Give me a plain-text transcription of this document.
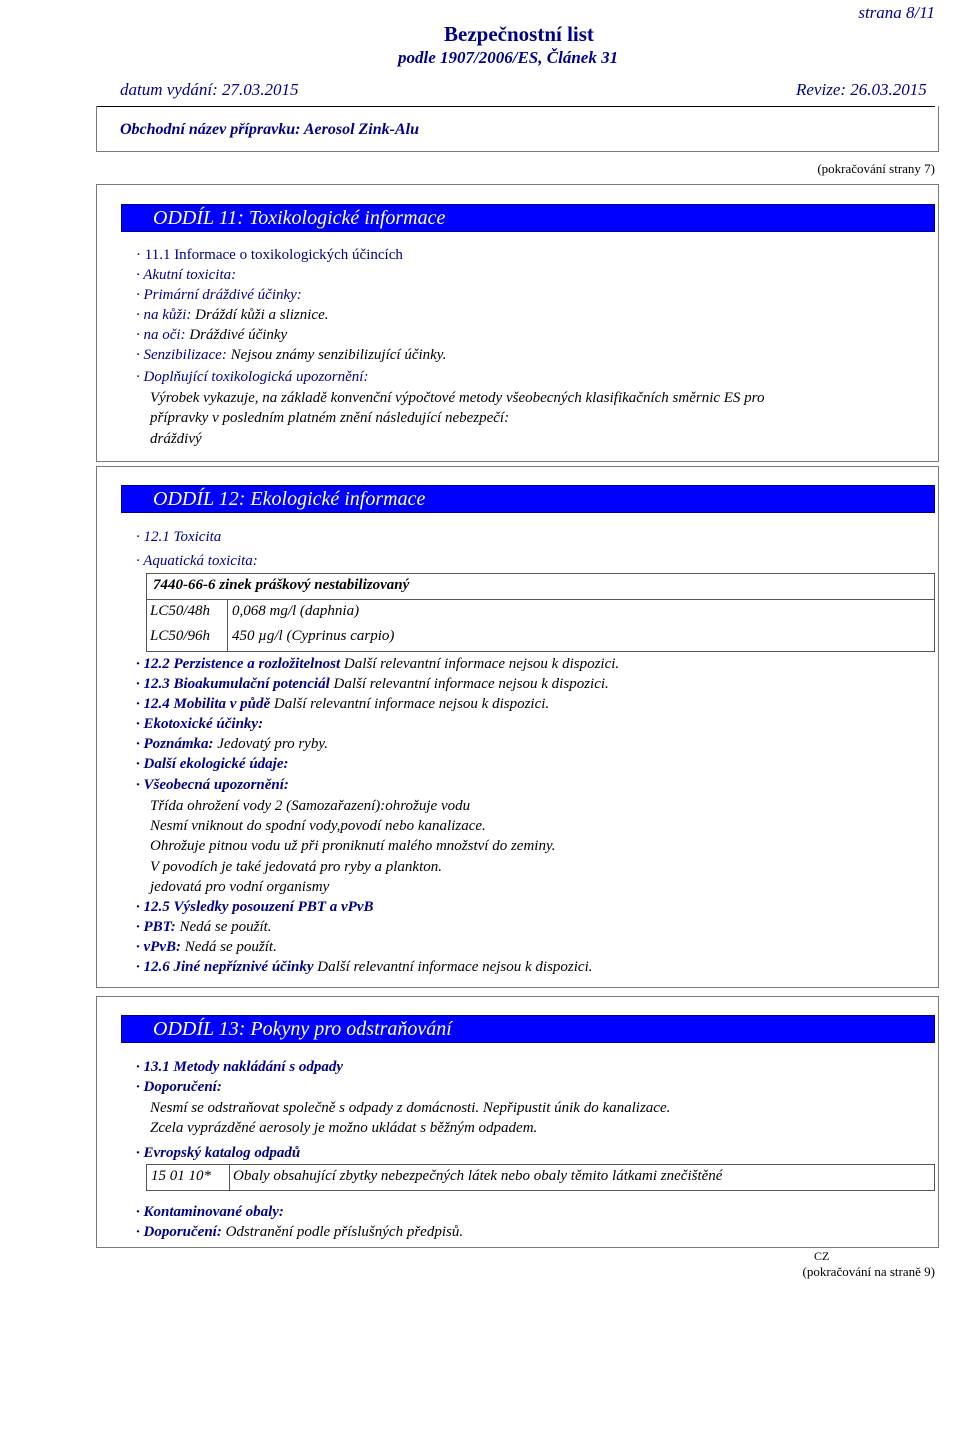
strana 8/11
Bezpečnostní list
podle 1907/2006/ES, Článek 31
datum vydání: 27.03.2015	Revize: 26.03.2015
Obchodní název přípravku: Aerosol Zink-Alu
(pokračování strany 7)
ODDÍL 11: Toxikologické informace
· 11.1 Informace o toxikologických účincích
· Akutní toxicita:
· Primární dráždivé účinky:
· na kůži: Dráždí kůži a sliznice.
· na oči: Dráždivé účinky
· Senzibilizace: Nejsou známy senzibilizující účinky.
· Doplňující toxikologická upozornění:
Výrobek vykazuje, na základě konvenční výpočtové metody všeobecných klasifikačních směrnic ES pro
přípravky v posledním platném znění následující nebezpečí:
dráždivý
ODDÍL 12: Ekologické informace
· 12.1 Toxicita
· Aquatická toxicita:
7440-66-6 zinek práškový nestabilizovaný
LC50/48h 0,068 mg/l (daphnia)
LC50/96h 450 µg/l (Cyprinus carpio)
· 12.2 Perzistence a rozložitelnost Další relevantní informace nejsou k dispozici.
· 12.3 Bioakumulační potenciál Další relevantní informace nejsou k dispozici.
· 12.4 Mobilita v půdě Další relevantní informace nejsou k dispozici.
· Ekotoxické účinky:
· Poznámka: Jedovatý pro ryby.
· Další ekologické údaje:
· Všeobecná upozornění:
Třída ohrožení vody 2 (Samozařazení):ohrožuje vodu
Nesmí vniknout do spodní vody,povodí nebo kanalizace.
Ohrožuje pitnou vodu už při proniknutí malého množství do zeminy.
V povodích je také jedovatá pro ryby a plankton.
jedovatá pro vodní organismy
· 12.5 Výsledky posouzení PBT a vPvB
· PBT: Nedá se použít.
· vPvB: Nedá se použít.
· 12.6 Jiné nepříznivé účinky Další relevantní informace nejsou k dispozici.
ODDÍL 13: Pokyny pro odstraňování
· 13.1 Metody nakládání s odpady
· Doporučení:
Nesmí se odstraňovat společně s odpady z domácnosti. Nepřipustit únik do kanalizace.
Zcela vyprázděné aerosoly je možno ukládat s běžným odpadem.
· Evropský katalog odpadů
15 01 10* Obaly obsahující zbytky nebezpečných látek nebo obaly těmito látkami znečištěné
· Kontaminované obaly:
· Doporučení: Odstranění podle příslušných předpisů.
CZ
(pokračování na straně 9)
